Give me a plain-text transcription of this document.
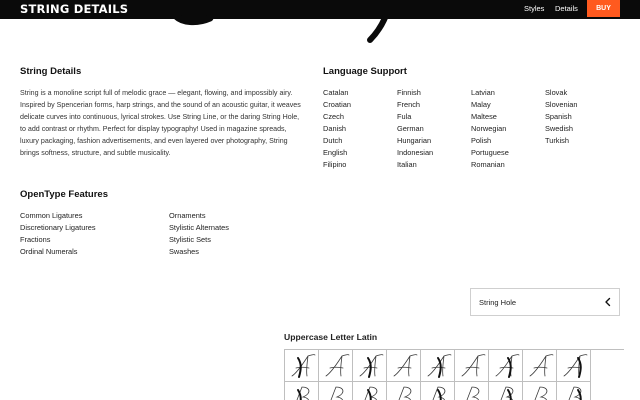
STRING DETAILS	Styles Details	BUY
String Details

String is a monoline script full of melodic grace — elegant, flowing, and impossibly airy. Inspired by Spencerian forms, harp strings, and the sound of an acoustic guitar, it weaves delicate curves into continuous, lyrical strokes. Use String Line, or the daring String Hole, to add contrast or rhythm. Perfect for display typography! Used in magazine spreads, luxury packaging, fashion advertisements, and even layered over photography, String brings softness, structure, and subtle musicality.

Language Support
Catalan
Croatian
Czech
Danish
Dutch
English
Filipino
Finnish
French
Fula
German
Hungarian
Indonesian
Italian
Latvian
Malay
Maltese
Norwegian
Polish
Portuguese
Romanian
Slovak
Slovenian
Spanish
Swedish
Turkish
OpenType Features
Common Ligatures
Discretionary Ligatures
Fractions
Ordinal Numerals
Ornaments
Stylistic Alternates
Stylistic Sets
Swashes
String Hole
Uppercase Letter Latin
